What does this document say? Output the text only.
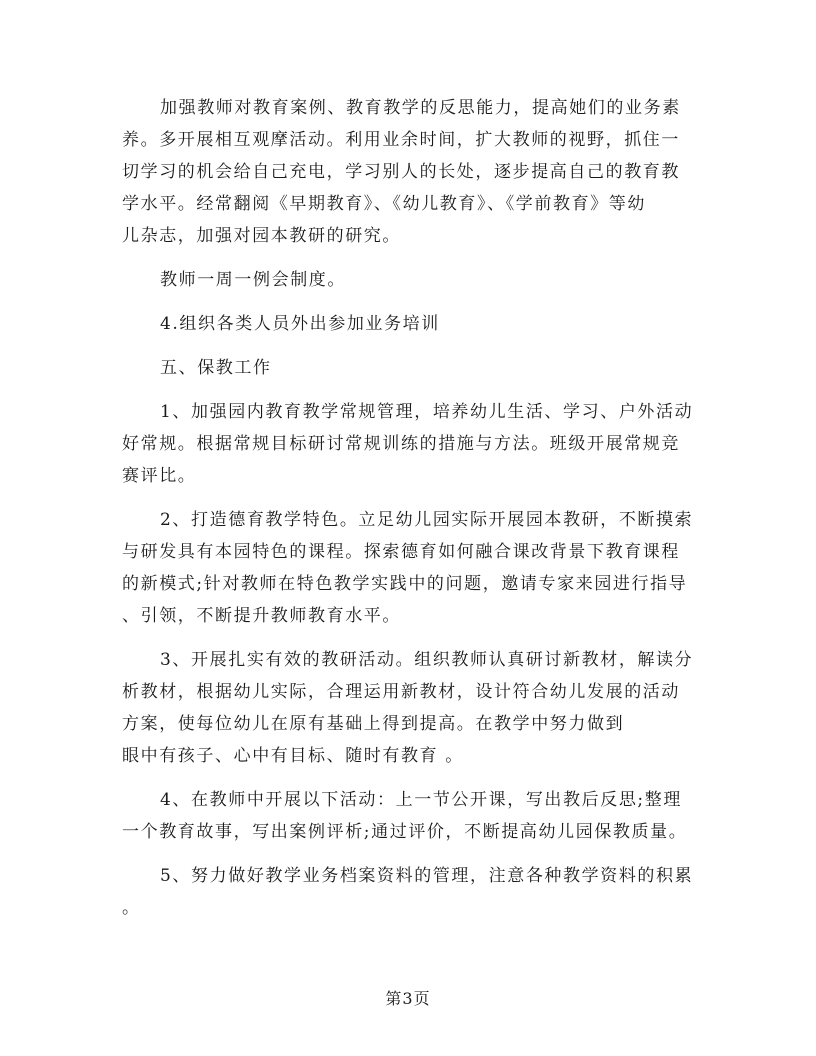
加强教师对教育案例、教育教学的反思能力，提高她们的业务素
养。多开展相互观摩活动。利用业余时间，扩大教师的视野，抓住一
切学习的机会给自己充电，学习别人的长处，逐步提高自己的教育教
学水平。经常翻阅《早期教育》、《幼儿教育》、《学前教育》等幼
儿杂志，加强对园本教研的研究。

教师一周一例会制度。

4.组织各类人员外出参加业务培训

五、保教工作

1、加强园内教育教学常规管理，培养幼儿生活、学习、户外活动
好常规。根据常规目标研讨常规训练的措施与方法。班级开展常规竞
赛评比。

2、打造德育教学特色。立足幼儿园实际开展园本教研，不断摸索
与研发具有本园特色的课程。探索德育如何融合课改背景下教育课程
的新模式;针对教师在特色教学实践中的问题，邀请专家来园进行指导
、引领，不断提升教师教育水平。

3、开展扎实有效的教研活动。组织教师认真研讨新教材，解读分
析教材，根据幼儿实际，合理运用新教材，设计符合幼儿发展的活动
方案，使每位幼儿在原有基础上得到提高。在教学中努力做到
眼中有孩子、心中有目标、随时有教育 。

4、在教师中开展以下活动：上一节公开课，写出教后反思;整理
一个教育故事，写出案例评析;通过评价，不断提高幼儿园保教质量。

5、努力做好教学业务档案资料的管理，注意各种教学资料的积累
。

第3页
